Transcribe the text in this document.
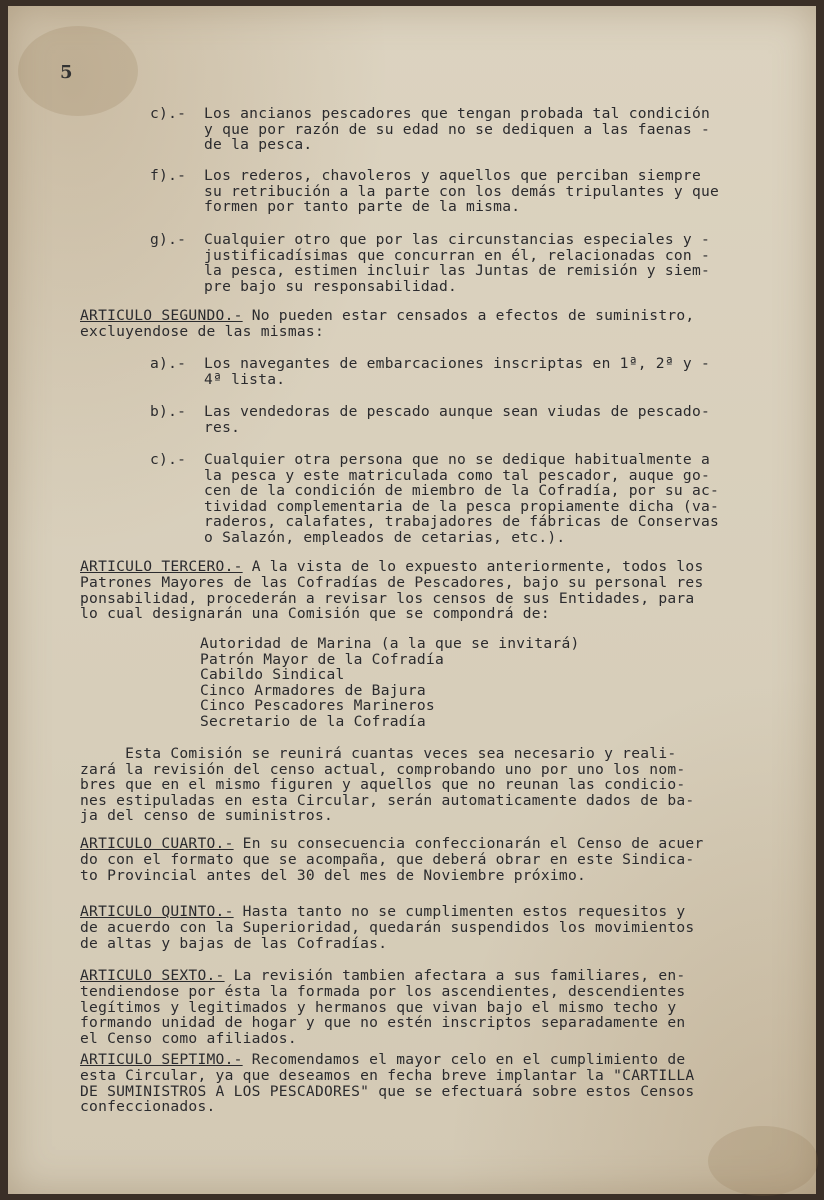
5
c).- Los ancianos pescadores que tengan probada tal condición
y que por razón de su edad no se dediquen a las faenas -
de la pesca.
f).- Los rederos, chavoleros y aquellos que perciban siempre
su retribución a la parte con los demás tripulantes y que
formen por tanto parte de la misma.
g).- Cualquier otro que por las circunstancias especiales y -
justificadísimas que concurran en él, relacionadas con -
la pesca, estimen incluir las Juntas de remisión y siem-
pre bajo su responsabilidad.
ARTICULO SEGUNDO.- No pueden estar censados a efectos de suministro,
excluyendose de las mismas:
a).- Los navegantes de embarcaciones inscriptas en 1ª, 2ª y -
4ª lista.
b).- Las vendedoras de pescado aunque sean viudas de pescado-
res.
c).- Cualquier otra persona que no se dedique habitualmente a
la pesca y este matriculada como tal pescador, auque go-
cen de la condición de miembro de la Cofradía, por su ac-
tividad complementaria de la pesca propiamente dicha (va-
raderos, calafates, trabajadores de fábricas de Conservas
o Salazón, empleados de cetarias, etc.).
ARTICULO TERCERO.- A la vista de lo expuesto anteriormente, todos los
Patrones Mayores de las Cofradías de Pescadores, bajo su personal res
ponsabilidad, procederán a revisar los censos de sus Entidades, para
lo cual designarán una Comisión que se compondrá de:
Autoridad de Marina (a la que se invitará)
Patrón Mayor de la Cofradía
Cabildo Sindical
Cinco Armadores de Bajura
Cinco Pescadores Marineros
Secretario de la Cofradía
Esta Comisión se reunirá cuantas veces sea necesario y reali-
zará la revisión del censo actual, comprobando uno por uno los nom-
bres que en el mismo figuren y aquellos que no reunan las condicio-
nes estipuladas en esta Circular, serán automaticamente dados de ba-
ja del censo de suministros.
ARTICULO CUARTO.- En su consecuencia confeccionarán el Censo de acuer
do con el formato que se acompaña, que deberá obrar en este Sindica-
to Provincial antes del 30 del mes de Noviembre próximo.
ARTICULO QUINTO.- Hasta tanto no se cumplimenten estos requesitos y
de acuerdo con la Superioridad, quedarán suspendidos los movimientos
de altas y bajas de las Cofradías.
ARTICULO SEXTO.- La revisión tambien afectara a sus familiares, en-
tendiendose por ésta la formada por los ascendientes, descendientes
legítimos y legitimados y hermanos que vivan bajo el mismo techo y
formando unidad de hogar y que no estén inscriptos separadamente en
el Censo como afiliados.
ARTICULO SEPTIMO.- Recomendamos el mayor celo en el cumplimiento de
esta Circular, ya que deseamos en fecha breve implantar la "CARTILLA
DE SUMINISTROS A LOS PESCADORES" que se efectuará sobre estos Censos
confeccionados.
